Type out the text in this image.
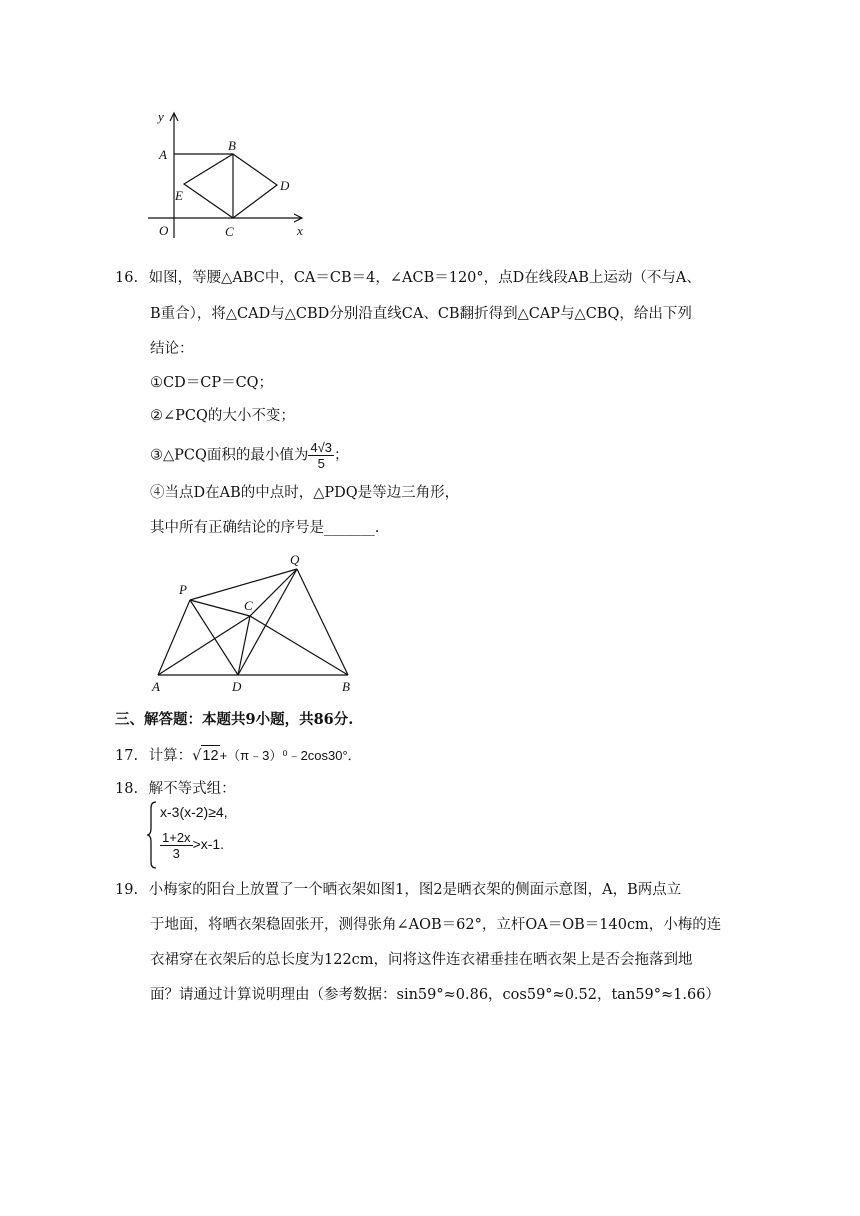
y
A
B
D
E
O	C	x
16. 如图，等腰△ABC中，CA＝CB＝4，∠ACB＝120°，点D在线段AB上运动（不与A、
B重合），将△CAD与△CBD分别沿直线CA、CB翻折得到△CAP与△CBQ，给出下列
结论：
①CD＝CP＝CQ；
②∠PCQ的大小不变；
③△PCQ面积的最小值为 $\frac{4√3}{5}$ ；
④当点D在AB的中点时，△PDQ是等边三角形，
其中所有正确结论的序号是_______.
P
Q
C
A	D	B
三、解答题：本题共9小题，共86分.
17. 计算：√12+（π﹣3）⁰﹣2cos30°．
18. 解不等式组：
x-3(x-2)≥4,
$\frac{1+2x}{3} >x-1$.
19. 小梅家的阳台上放置了一个晒衣架如图1，图2是晒衣架的侧面示意图，A，B两点立
于地面，将晒衣架稳固张开，测得张角∠AOB＝62°，立杆OA＝OB＝140cm，小梅的连
衣裙穿在衣架后的总长度为122cm，问将这件连衣裙垂挂在晒衣架上是否会拖落到地
面？请通过计算说明理由（参考数据：sin59°≈0.86，cos59°≈0.52，tan59°≈1.66）
